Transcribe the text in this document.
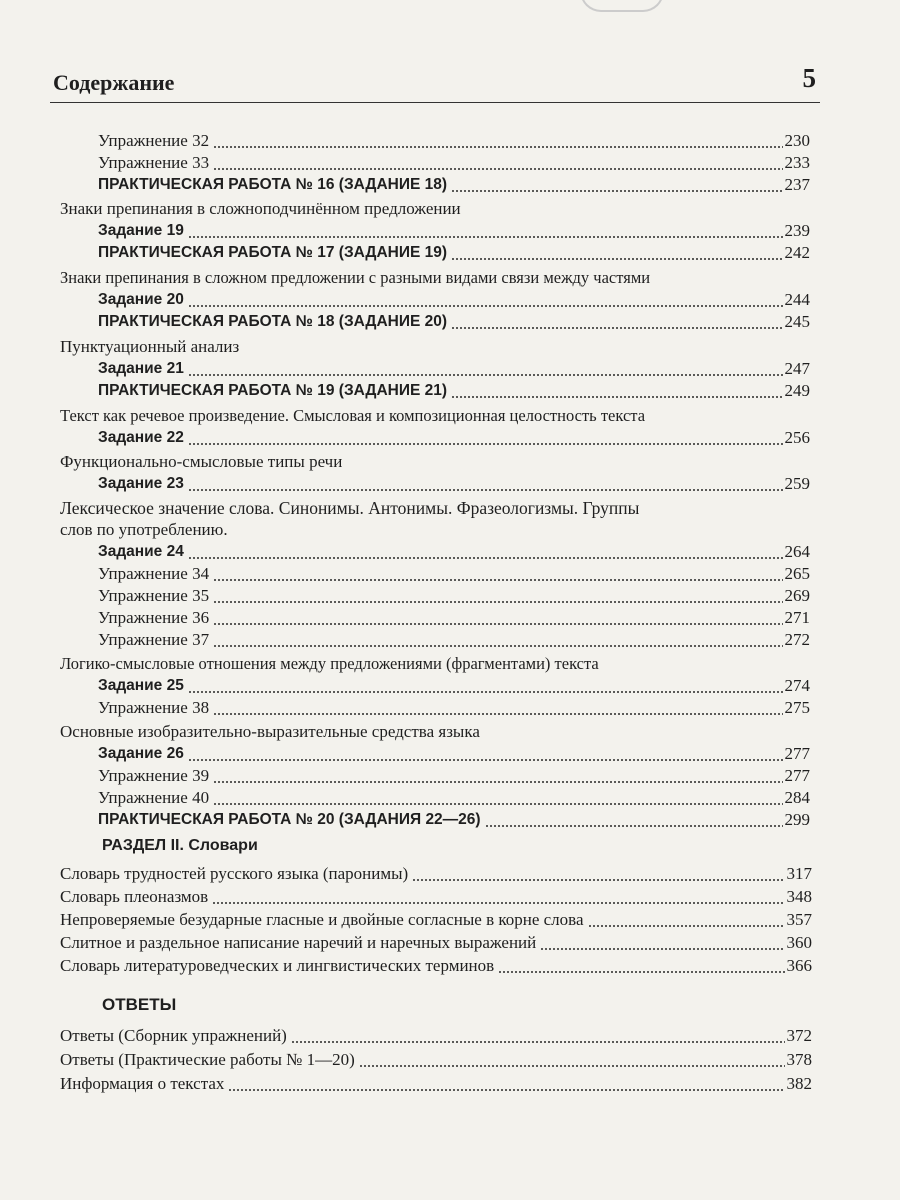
Содержание	5
Упражнение 32	230
Упражнение 33	233
ПРАКТИЧЕСКАЯ РАБОТА № 16 (ЗАДАНИЕ 18)	237
Знаки препинания в сложноподчинённом предложении
Задание 19	239
ПРАКТИЧЕСКАЯ РАБОТА № 17 (ЗАДАНИЕ 19)	242
Знаки препинания в сложном предложении с разными видами связи между частями
Задание 20	244
ПРАКТИЧЕСКАЯ РАБОТА № 18 (ЗАДАНИЕ 20)	245
Пунктуационный анализ
Задание 21	247
ПРАКТИЧЕСКАЯ РАБОТА № 19 (ЗАДАНИЕ 21)	249
Текст как речевое произведение. Смысловая и композиционная целостность текста
Задание 22	256
Функционально-смысловые типы речи
Задание 23	259
Лексическое значение слова. Синонимы. Антонимы. Фразеологизмы. Группы
слов по употреблению.
Задание 24	264
Упражнение 34	265
Упражнение 35	269
Упражнение 36	271
Упражнение 37	272
Логико-смысловые отношения между предложениями (фрагментами) текста
Задание 25	274
Упражнение 38	275
Основные изобразительно-выразительные средства языка
Задание 26	277
Упражнение 39	277
Упражнение 40	284
ПРАКТИЧЕСКАЯ РАБОТА № 20 (ЗАДАНИЯ 22—26)	299
РАЗДЕЛ II. Словари
Словарь трудностей русского языка (паронимы)	317
Словарь плеоназмов	348
Непроверяемые безударные гласные и двойные согласные в корне слова	357
Слитное и раздельное написание наречий и наречных выражений	360
Словарь литературоведческих и лингвистических терминов	366
ОТВЕТЫ
Ответы (Сборник упражнений)	372
Ответы (Практические работы № 1—20)	378
Информация о текстах	382
